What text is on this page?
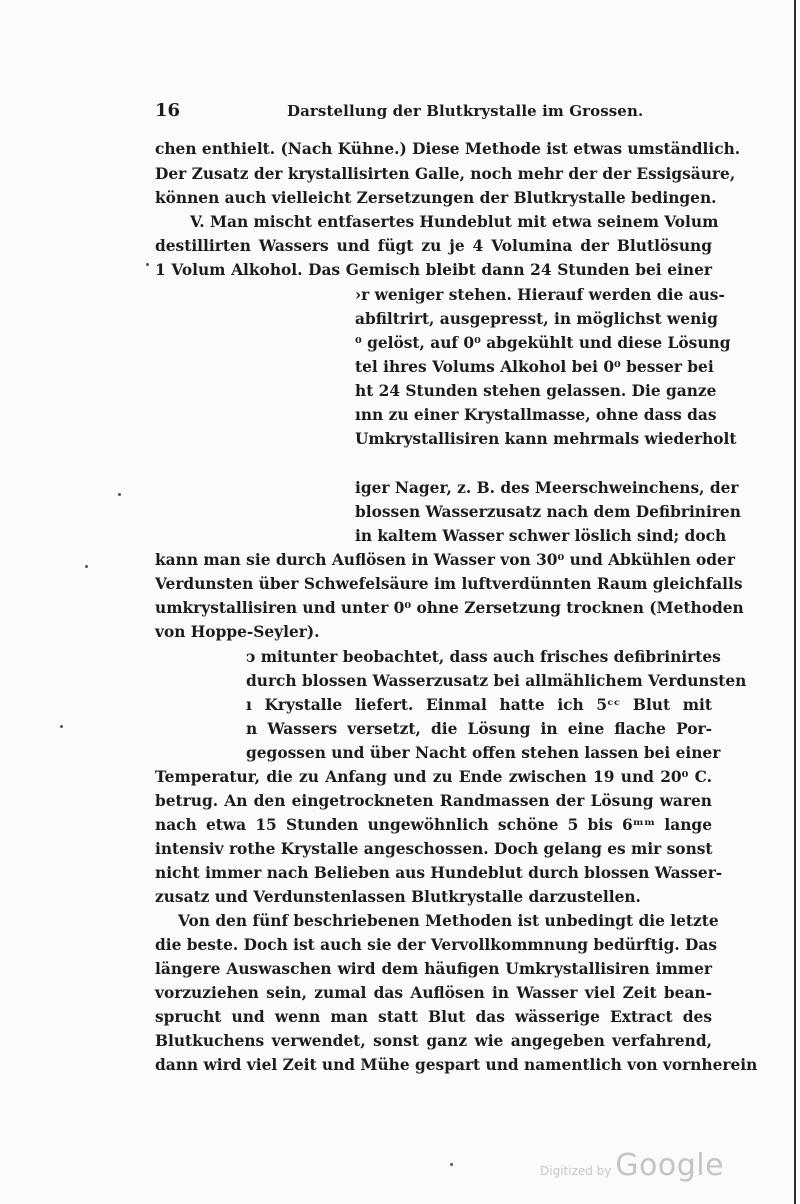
16	Darstellung der Blutkrystalle im Grossen.
chen enthielt. (Nach Kühne.) Diese Methode ist etwas umständlich.
Der Zusatz der krystallisirten Galle, noch mehr der der Essigsäure,
können auch vielleicht Zersetzungen der Blutkrystalle bedingen.
V. Man mischt entfasertes Hundeblut mit etwa seinem Volum
destillirten Wassers und fügt zu je 4 Volumina der Blutlösung
1 Volum Alkohol. Das Gemisch bleibt dann 24 Stunden bei einer
›r weniger stehen. Hierauf werden die aus-
abfiltrirt, ausgepresst, in möglichst wenig
⁰ gelöst, auf 0⁰ abgekühlt und diese Lösung
tel ihres Volums Alkohol bei 0⁰ besser bei
ht 24 Stunden stehen gelassen. Die ganze
ınn zu einer Krystallmasse, ohne dass das
Umkrystallisiren kann mehrmals wiederholt
iger Nager, z. B. des Meerschweinchens, der
blossen Wasserzusatz nach dem Defibriniren
in kaltem Wasser schwer löslich sind; doch
kann man sie durch Auflösen in Wasser von 30⁰ und Abkühlen oder
Verdunsten über Schwefelsäure im luftverdünnten Raum gleichfalls
umkrystallisiren und unter 0⁰ ohne Zersetzung trocknen (Methoden
von Hoppe-Seyler).
ͻ mitunter beobachtet, dass auch frisches defibrinirtes
durch blossen Wasserzusatz bei allmählichem Verdunsten
ı Krystalle liefert. Einmal hatte ich 5ᶜᶜ Blut mit
n Wassers versetzt, die Lösung in eine flache Por-
gegossen und über Nacht offen stehen lassen bei einer
Temperatur, die zu Anfang und zu Ende zwischen 19 und 20⁰ C.
betrug. An den eingetrockneten Randmassen der Lösung waren
nach etwa 15 Stunden ungewöhnlich schöne 5 bis 6ᵐᵐ lange
intensiv rothe Krystalle angeschossen. Doch gelang es mir sonst
nicht immer nach Belieben aus Hundeblut durch blossen Wasser-
zusatz und Verdunstenlassen Blutkrystalle darzustellen.
Von den fünf beschriebenen Methoden ist unbedingt die letzte
die beste. Doch ist auch sie der Vervollkommnung bedürftig. Das
längere Auswaschen wird dem häufigen Umkrystallisiren immer
vorzuziehen sein, zumal das Auflösen in Wasser viel Zeit bean-
sprucht und wenn man statt Blut das wässerige Extract des
Blutkuchens verwendet, sonst ganz wie angegeben verfahrend,
dann wird viel Zeit und Mühe gespart und namentlich von vornherein
Digitized by Google
